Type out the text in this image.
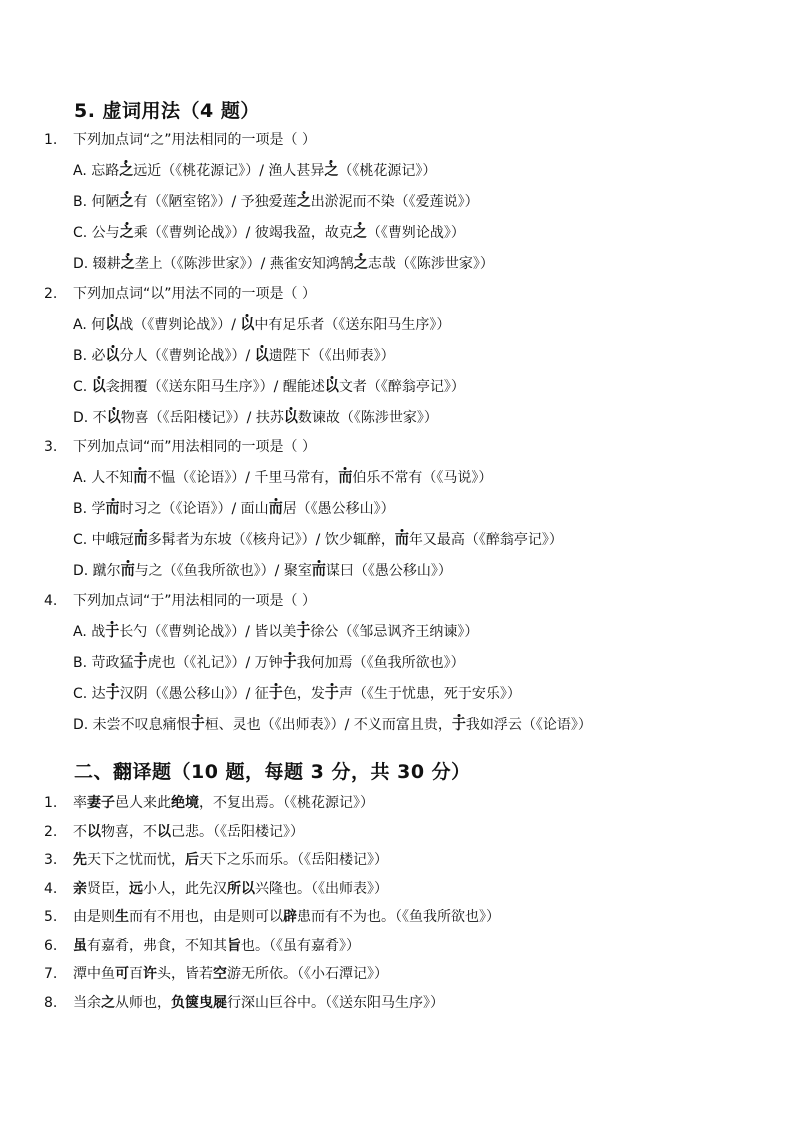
5. 虚词用法（4 题）
1. 下列加点词“之”用法相同的一项是（ ）
A. 忘路之远近（《桃花源记》）/ 渔人甚异之（《桃花源记》）
B. 何陋之有（《陋室铭》）/ 予独爱莲之出淤泥而不染（《爱莲说》）
C. 公与之乘（《曹刿论战》）/ 彼竭我盈，故克之（《曹刿论战》）
D. 辍耕之垄上（《陈涉世家》）/ 燕雀安知鸿鹄之志哉（《陈涉世家》）
2. 下列加点词“以”用法不同的一项是（ ）
A. 何以战（《曹刿论战》）/ 以中有足乐者（《送东阳马生序》）
B. 必以分人（《曹刿论战》）/ 以遗陛下（《出师表》）
C. 以衾拥覆（《送东阳马生序》）/ 醒能述以文者（《醉翁亭记》）
D. 不以物喜（《岳阳楼记》）/ 扶苏以数谏故（《陈涉世家》）
3. 下列加点词“而”用法相同的一项是（ ）
A. 人不知而不愠（《论语》）/ 千里马常有，而伯乐不常有（《马说》）
B. 学而时习之（《论语》）/ 面山而居（《愚公移山》）
C. 中峨冠而多髯者为东坡（《核舟记》）/ 饮少辄醉，而年又最高（《醉翁亭记》）
D. 蹴尔而与之（《鱼我所欲也》）/ 聚室而谋曰（《愚公移山》）
4. 下列加点词“于”用法相同的一项是（ ）
A. 战于长勺（《曹刿论战》）/ 皆以美于徐公（《邹忌讽齐王纳谏》）
B. 苛政猛于虎也（《礼记》）/ 万钟于我何加焉（《鱼我所欲也》）
C. 达于汉阴（《愚公移山》）/ 征于色，发于声（《生于忧患，死于安乐》）
D. 未尝不叹息痛恨于桓、灵也（《出师表》）/ 不义而富且贵，于我如浮云（《论语》）
二、翻译题（10 题，每题 3 分，共 30 分）
1. 率妻子邑人来此绝境，不复出焉。（《桃花源记》）
2. 不以物喜，不以己悲。（《岳阳楼记》）
3. 先天下之忧而忧，后天下之乐而乐。（《岳阳楼记》）
4. 亲贤臣，远小人，此先汉所以兴隆也。（《出师表》）
5. 由是则生而有不用也，由是则可以辟患而有不为也。（《鱼我所欲也》）
6. 虽有嘉肴，弗食，不知其旨也。（《虽有嘉肴》）
7. 潭中鱼可百许头，皆若空游无所依。（《小石潭记》）
8. 当余之从师也，负箧曳屣行深山巨谷中。（《送东阳马生序》）
